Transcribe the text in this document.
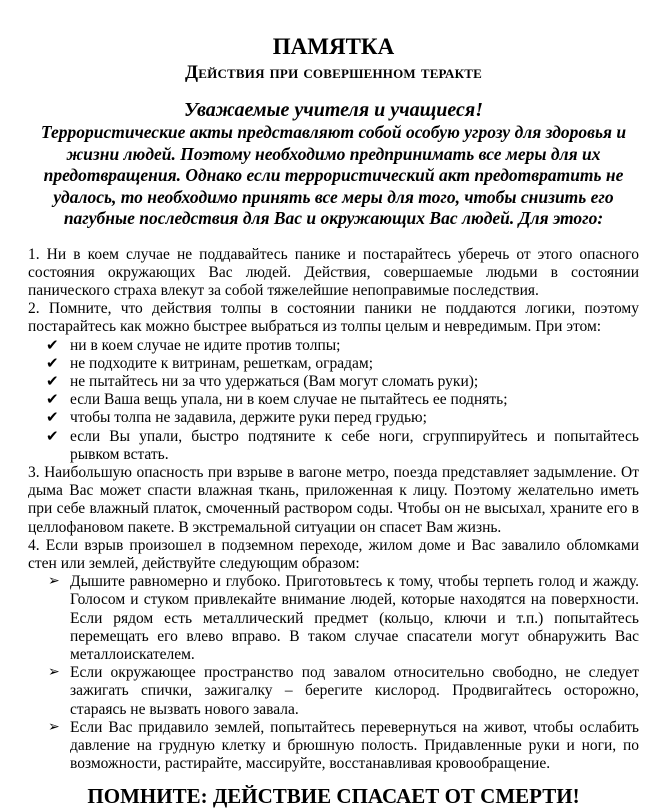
ПАМЯТКА
Действия при совершенном теракте

Уважаемые учителя и учащиеся!

Террористические акты представляют собой особую угрозу для здоровья и жизни людей. Поэтому необходимо предпринимать все меры для их предотвращения. Однако если террористический акт предотвратить не удалось, то необходимо принять все меры для того, чтобы снизить его пагубные последствия для Вас и окружающих Вас людей. Для этого:

1. Ни в коем случае не поддавайтесь панике и постарайтесь уберечь от этого опасного состояния окружающих Вас людей. Действия, совершаемые людьми в состоянии панического страха влекут за собой тяжелейшие непоправимые последствия.

2. Помните, что действия толпы в состоянии паники не поддаются логики, поэтому постарайтесь как можно быстрее выбраться из толпы целым и невредимым. При этом:

✔ ни в коем случае не идите против толпы;
✔ не подходите к витринам, решеткам, оградам;
✔ не пытайтесь ни за что удержаться (Вам могут сломать руки);
✔ если Ваша вещь упала, ни в коем случае не пытайтесь ее поднять;
✔ чтобы толпа не задавила, держите руки перед грудью;
✔ если Вы упали, быстро подтяните к себе ноги, сгруппируйтесь и попытайтесь рывком встать.

3. Наибольшую опасность при взрыве в вагоне метро, поезда представляет задымление. От дыма Вас может спасти влажная ткань, приложенная к лицу. Поэтому желательно иметь при себе влажный платок, смоченный раствором соды. Чтобы он не высыхал, храните его в целлофановом пакете. В экстремальной ситуации он спасет Вам жизнь.

4. Если взрыв произошел в подземном переходе, жилом доме и Вас завалило обломками стен или землей, действуйте следующим образом:

➢ Дышите равномерно и глубоко. Приготовьтесь к тому, чтобы терпеть голод и жажду. Голосом и стуком привлекайте внимание людей, которые находятся на поверхности. Если рядом есть металлический предмет (кольцо, ключи и т.п.) попытайтесь перемещать его влево вправо. В таком случае спасатели могут обнаружить Вас металлоискателем.
➢ Если окружающее пространство под завалом относительно свободно, не следует зажигать спички, зажигалку – берегите кислород. Продвигайтесь осторожно, стараясь не вызвать нового завала.
➢ Если Вас придавило землей, попытайтесь перевернуться на живот, чтобы ослабить давление на грудную клетку и брюшную полость. Придавленные руки и ноги, по возможности, растирайте, массируйте, восстанавливая кровообращение.
ПОМНИТЕ: ДЕЙСТВИЕ СПАСАЕТ ОТ СМЕРТИ!
